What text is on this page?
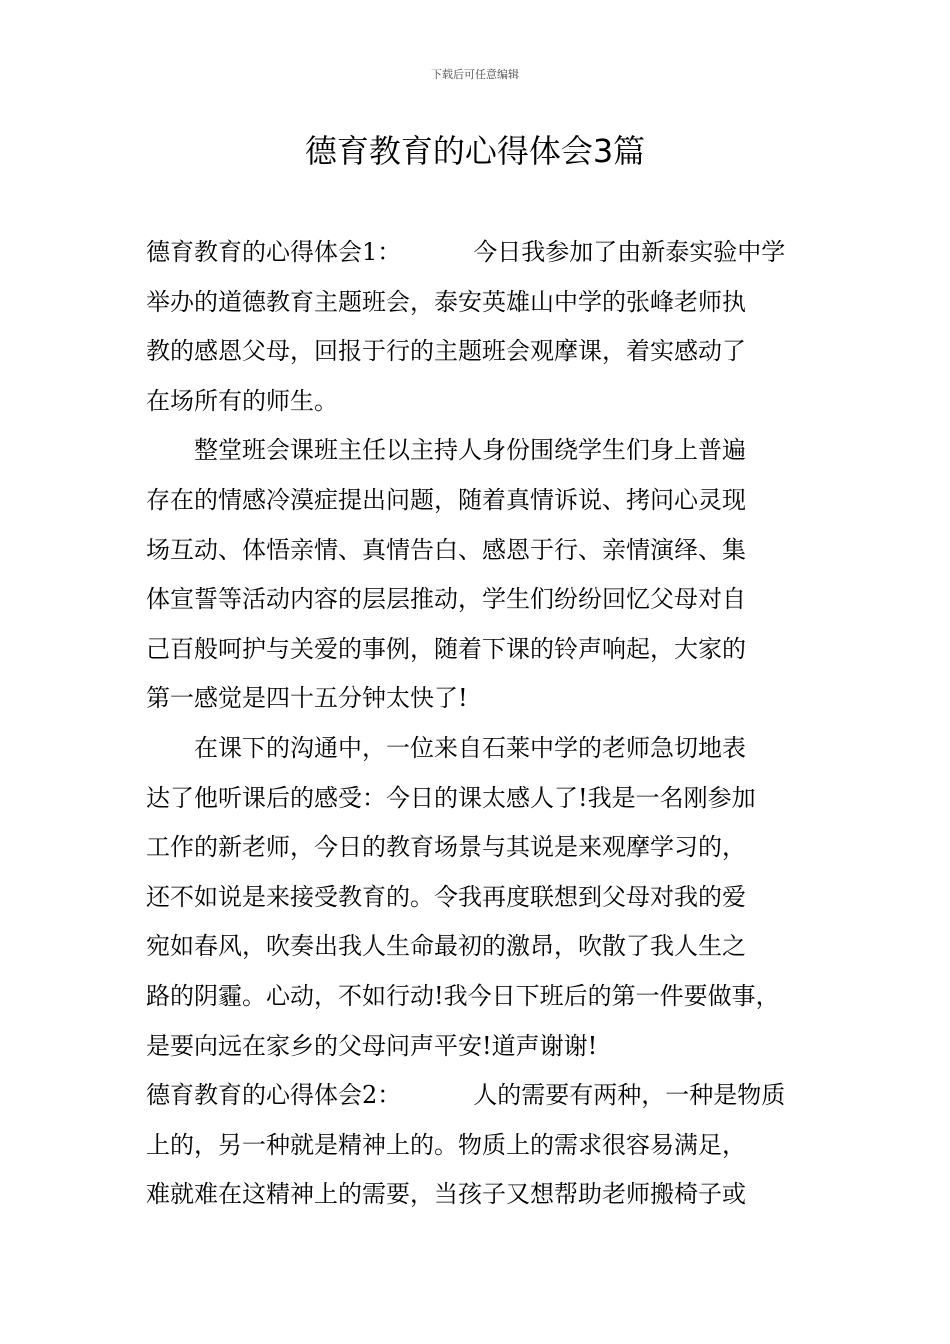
下载后可任意编辑
德育教育的心得体会3篇
德育教育的心得体会1：	今日我参加了由新泰实验中学
举办的道德教育主题班会，泰安英雄山中学的张峰老师执
教的感恩父母，回报于行的主题班会观摩课，着实感动了
在场所有的师生。
　　整堂班会课班主任以主持人身份围绕学生们身上普遍
存在的情感冷漠症提出问题，随着真情诉说、拷问心灵现
场互动、体悟亲情、真情告白、感恩于行、亲情演绎、集
体宣誓等活动内容的层层推动，学生们纷纷回忆父母对自
己百般呵护与关爱的事例，随着下课的铃声响起，大家的
第一感觉是四十五分钟太快了!
　　在课下的沟通中，一位来自石莱中学的老师急切地表
达了他听课后的感受：今日的课太感人了!我是一名刚参加
工作的新老师，今日的教育场景与其说是来观摩学习的，
还不如说是来接受教育的。令我再度联想到父母对我的爱
宛如春风，吹奏出我人生命最初的激昂，吹散了我人生之
路的阴霾。心动，不如行动!我今日下班后的第一件要做事，
是要向远在家乡的父母问声平安!道声谢谢!
德育教育的心得体会2：	人的需要有两种，一种是物质
上的，另一种就是精神上的。物质上的需求很容易满足，
难就难在这精神上的需要，当孩子又想帮助老师搬椅子或
